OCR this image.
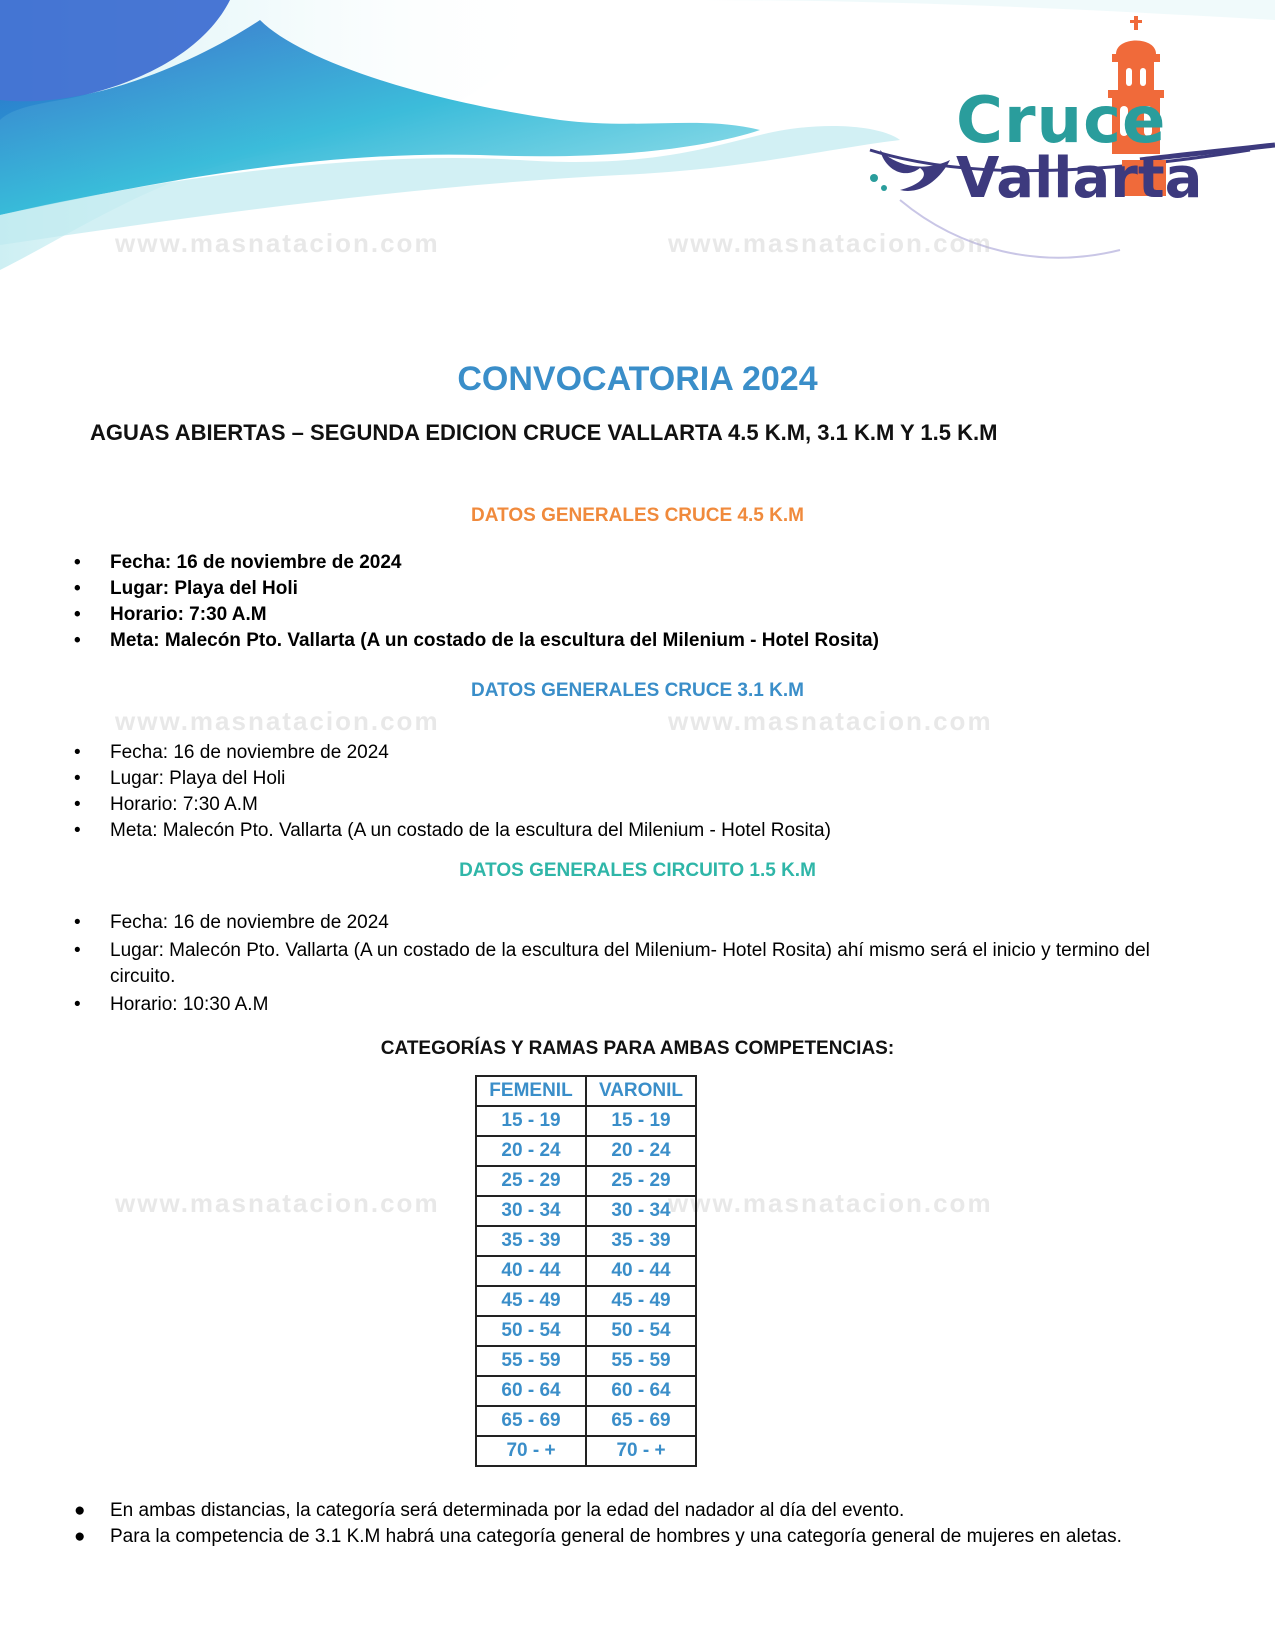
www.masnatacion.com	www.masnatacion.com
www.masnatacion.com	www.masnatacion.com
www.masnatacion.com	www.masnatacion.com
Cruce
Vallarta
CONVOCATORIA 2024
AGUAS ABIERTAS – SEGUNDA EDICION CRUCE VALLARTA 4.5 K.M, 3.1 K.M Y 1.5 K.M
DATOS GENERALES CRUCE 4.5 K.M
• Fecha: 16 de noviembre de 2024
• Lugar: Playa del Holi
• Horario: 7:30 A.M
• Meta: Malecón Pto. Vallarta (A un costado de la escultura del Milenium - Hotel Rosita)
DATOS GENERALES CRUCE 3.1 K.M
• Fecha: 16 de noviembre de 2024
• Lugar: Playa del Holi
• Horario: 7:30 A.M
• Meta: Malecón Pto. Vallarta (A un costado de la escultura del Milenium - Hotel Rosita)
DATOS GENERALES CIRCUITO 1.5 K.M
• Fecha: 16 de noviembre de 2024
• Lugar: Malecón Pto. Vallarta (A un costado de la escultura del Milenium- Hotel Rosita) ahí mismo será el inicio y termino del circuito.
• Horario: 10:30 A.M
CATEGORÍAS Y RAMAS PARA AMBAS COMPETENCIAS:
FEMENIL	VARONIL
15 - 19	15 - 19
20 - 24	20 - 24
25 - 29	25 - 29
30 - 34	30 - 34
35 - 39	35 - 39
40 - 44	40 - 44
45 - 49	45 - 49
50 - 54	50 - 54
55 - 59	55 - 59
60 - 64	60 - 64
65 - 69	65 - 69
70 - +	70 - +
● En ambas distancias, la categoría será determinada por la edad del nadador al día del evento.
● Para la competencia de 3.1 K.M habrá una categoría general de hombres y una categoría general de mujeres en aletas.
